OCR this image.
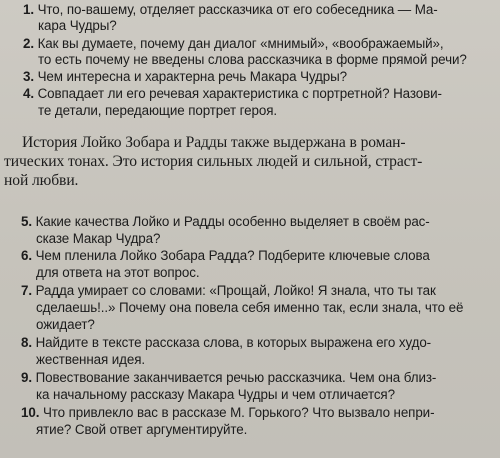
1. Что, по-вашему, отделяет рассказчика от его собеседника — Ма-
кара Чудры?
2. Как вы думаете, почему дан диалог «мнимый», «воображаемый»,
то есть почему не введены слова рассказчика в форме прямой речи?
3. Чем интересна и характерна речь Макара Чудры?
4. Совпадает ли его речевая характеристика с портретной? Назови-
те детали, передающие портрет героя.
История Лойко Зобара и Радды также выдержана в роман-
тических тонах. Это история сильных людей и сильной, страст-
ной любви.
5. Какие качества Лойко и Радды особенно выделяет в своём рас-
сказе Макар Чудра?
6. Чем пленила Лойко Зобара Радда? Подберите ключевые слова
для ответа на этот вопрос.
7. Радда умирает со словами: «Прощай, Лойко! Я знала, что ты так
сделаешь!..» Почему она повела себя именно так, если знала, что её
ожидает?
8. Найдите в тексте рассказа слова, в которых выражена его худо-
жественная идея.
9. Повествование заканчивается речью рассказчика. Чем она близ-
ка начальному рассказу Макара Чудры и чем отличается?
10. Что привлекло вас в рассказе М. Горького? Что вызвало непри-
ятие? Свой ответ аргументируйте.
